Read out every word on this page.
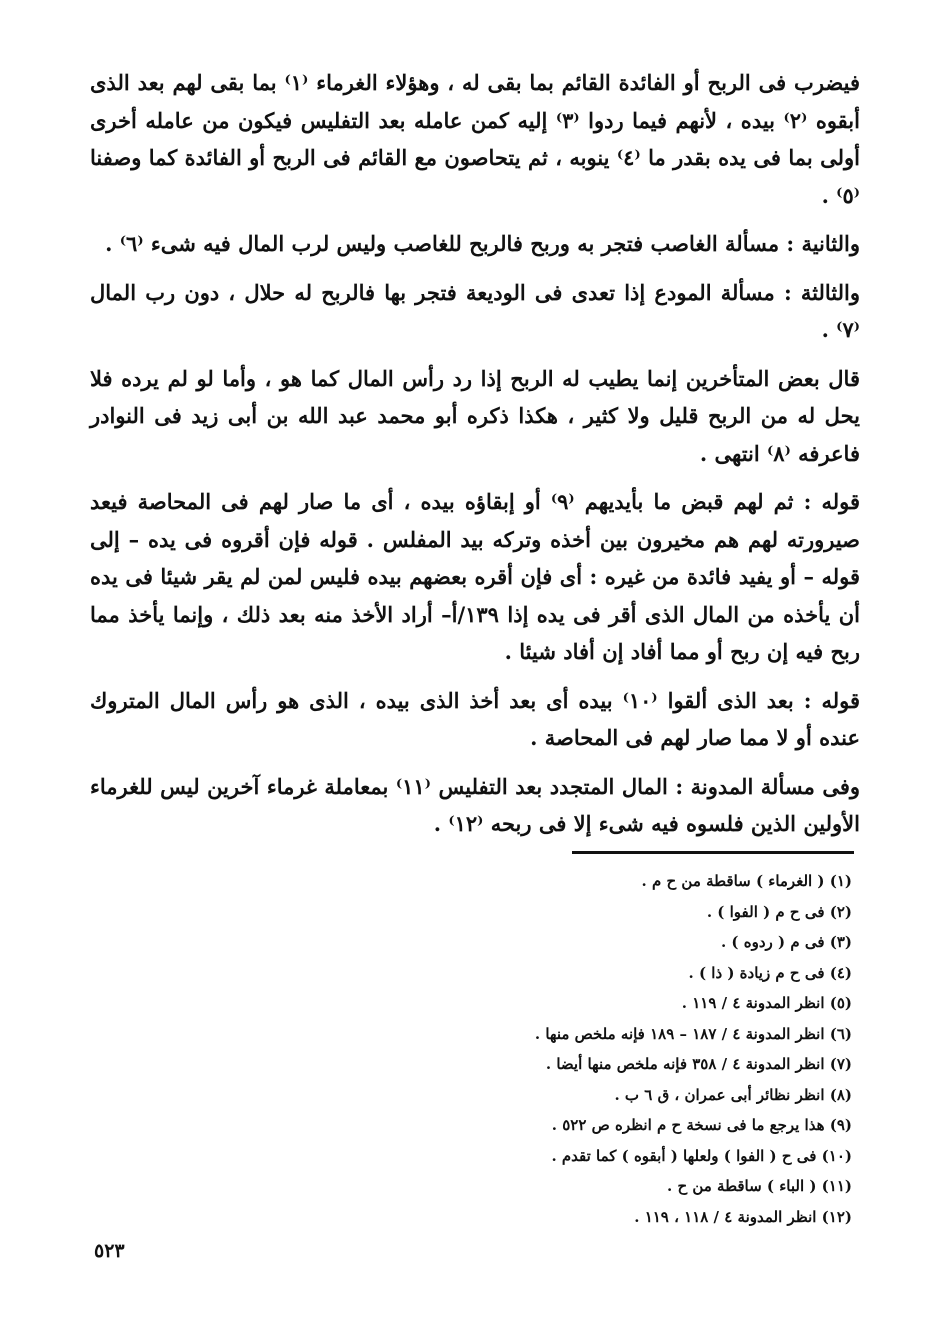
فيضرب فى الربح أو الفائدة القائم بما بقى له ، وهؤلاء الغرماء ⁽١⁾ بما بقى لهم بعد الذى أبقوه ⁽٢⁾ بيده ، لأنهم فيما ردوا ⁽٣⁾ إليه كمن عامله بعد التفليس فيكون من عامله أخرى أولى بما فى يده بقدر ما ⁽٤⁾ ينوبه ، ثم يتحاصون مع القائم فى الربح أو الفائدة كما وصفنا ⁽٥⁾ .

والثانية : مسألة الغاصب فتجر به وربح فالربح للغاصب وليس لرب المال فيه شىء ⁽٦⁾ .

والثالثة : مسألة المودع إذا تعدى فى الوديعة فتجر بها فالربح له حلال ، دون رب المال ⁽٧⁾ .

قال بعض المتأخرين إنما يطيب له الربح إذا رد رأس المال كما هو ، وأما لو لم يرده فلا يحل له من الربح قليل ولا كثير ، هكذا ذكره أبو محمد عبد الله بن أبى زيد فى النوادر فاعرفه ⁽٨⁾ انتهى .

قوله : ثم لهم قبض ما بأيديهم ⁽٩⁾ أو إبقاؤه بيده ، أى ما صار لهم فى المحاصة فيعد صيرورته لهم هم مخيرون بين أخذه وتركه بيد المفلس . قوله فإن أقروه فى يده – إلى قوله – أو يفيد فائدة من غيره : أى فإن أقره بعضهم بيده فليس لمن لم يقر شيئا فى يده أن يأخذه من المال الذى أقر فى يده إذا ١٣٩/أ– أراد الأخذ منه بعد ذلك ، وإنما يأخذ مما ربح فيه إن ربح أو مما أفاد إن أفاد شيئا .

قوله : بعد الذى ألقوا ⁽١٠⁾ بيده أى بعد أخذ الذى بيده ، الذى هو رأس المال المتروك عنده أو لا مما صار لهم فى المحاصة .

وفى مسألة المدونة : المال المتجدد بعد التفليس ⁽١١⁾ بمعاملة غرماء آخرين ليس للغرماء الأولين الذين فلسوه فيه شىء إلا فى ربحه ⁽١٢⁾ .

(١) ( الغرماء ) ساقطة من ح م .
(٢) فى ح م ( الفوا ) .
(٣) فى م ( ردوه ) .
(٤) فى ح م زيادة ( ذا ) .
(٥) انظر المدونة ٤ / ١١٩ .
(٦) انظر المدونة ٤ / ١٨٧ – ١٨٩ فإنه ملخص منها .
(٧) انظر المدونة ٤ / ٣٥٨ فإنه ملخص منها أيضا .
(٨) انظر نظائر أبى عمران ، ق ٦ ب .
(٩) هذا يرجع ما فى نسخة ح م انظره ص ٥٢٢ .
(١٠) فى ح ( الفوا ) ولعلها ( أبقوه ) كما تقدم .
(١١) ( الباء ) ساقطة من ح .
(١٢) انظر المدونة ٤ / ١١٨ ، ١١٩ .
٥٢٣
